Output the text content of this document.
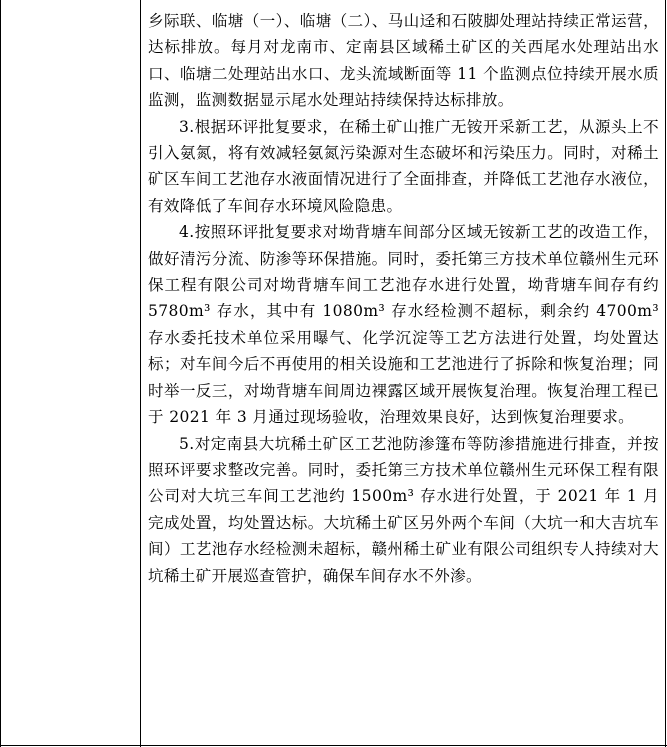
乡际联、临塘（一）、临塘（二）、马山迳和石陂脚处理站持续正常运营，达标排放。每月对龙南市、定南县区域稀土矿区的关西尾水处理站出水口、临塘二处理站出水口、龙头流域断面等 11 个监测点位持续开展水质监测，监测数据显示尾水处理站持续保持达标排放。

3.根据环评批复要求，在稀土矿山推广无铵开采新工艺，从源头上不引入氨氮，将有效减轻氨氮污染源对生态破坏和污染压力。同时，对稀土矿区车间工艺池存水液面情况进行了全面排查，并降低工艺池存水液位，有效降低了车间存水环境风险隐患。

4.按照环评批复要求对坳背塘车间部分区域无铵新工艺的改造工作，做好清污分流、防渗等环保措施。同时，委托第三方技术单位赣州生元环保工程有限公司对坳背塘车间工艺池存水进行处置，坳背塘车间存有约 5780m³ 存水，其中有 1080m³ 存水经检测不超标，剩余约 4700m³ 存水委托技术单位采用曝气、化学沉淀等工艺方法进行处置，均处置达标；对车间今后不再使用的相关设施和工艺池进行了拆除和恢复治理；同时举一反三，对坳背塘车间周边裸露区域开展恢复治理。恢复治理工程已于 2021 年 3 月通过现场验收，治理效果良好，达到恢复治理要求。

5.对定南县大坑稀土矿区工艺池防渗篷布等防渗措施进行排查，并按照环评要求整改完善。同时，委托第三方技术单位赣州生元环保工程有限公司对大坑三车间工艺池约 1500m³ 存水进行处置，于 2021 年 1 月完成处置，均处置达标。大坑稀土矿区另外两个车间（大坑一和大吉坑车间）工艺池存水经检测未超标，赣州稀土矿业有限公司组织专人持续对大坑稀土矿开展巡查管护，确保车间存水不外渗。
